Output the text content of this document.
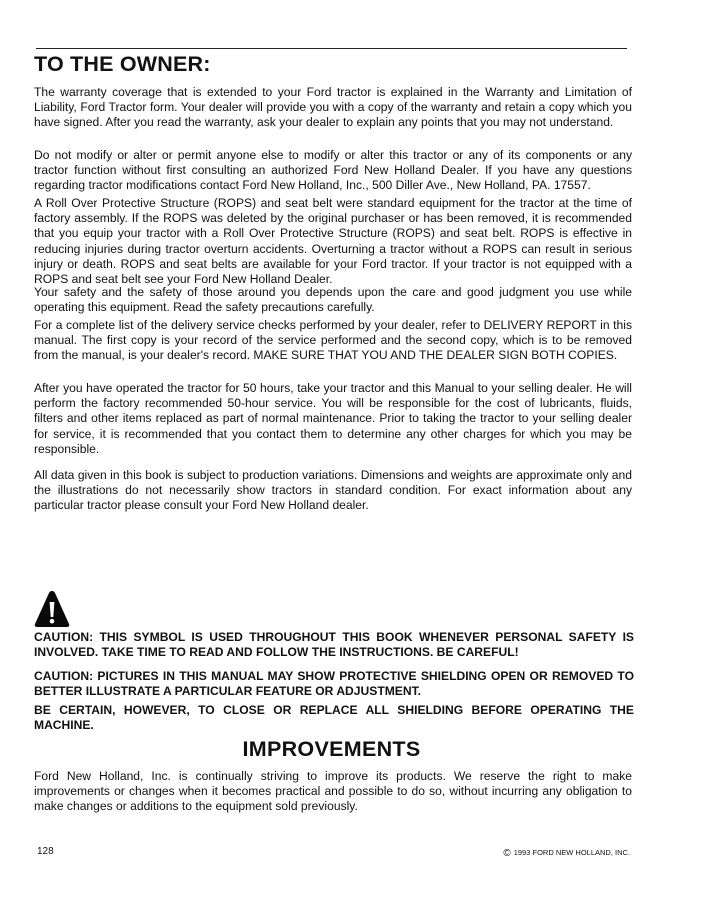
TO THE OWNER:

The warranty coverage that is extended to your Ford tractor is explained in the Warranty and Limitation of Liability, Ford Tractor form. Your dealer will provide you with a copy of the warranty and retain a copy which you have signed. After you read the warranty, ask your dealer to explain any points that you may not understand.

Do not modify or alter or permit anyone else to modify or alter this tractor or any of its components or any tractor function without first consulting an authorized Ford New Holland Dealer. If you have any questions regarding tractor modifications contact Ford New Holland, Inc., 500 Diller Ave., New Holland, PA. 17557.

A Roll Over Protective Structure (ROPS) and seat belt were standard equipment for the tractor at the time of factory assembly. If the ROPS was deleted by the original purchaser or has been removed, it is recommended that you equip your tractor with a Roll Over Protective Structure (ROPS) and seat belt. ROPS is effective in reducing injuries during tractor overturn accidents. Overturning a tractor without a ROPS can result in serious injury or death. ROPS and seat belts are available for your Ford tractor. If your tractor is not equipped with a ROPS and seat belt see your Ford New Holland Dealer.

Your safety and the safety of those around you depends upon the care and good judgment you use while operating this equipment. Read the safety precautions carefully.

For a complete list of the delivery service checks performed by your dealer, refer to DELIVERY REPORT in this manual. The first copy is your record of the service performed and the second copy, which is to be removed from the manual, is your dealer's record. MAKE SURE THAT YOU AND THE DEALER SIGN BOTH COPIES.

After you have operated the tractor for 50 hours, take your tractor and this Manual to your selling dealer. He will perform the factory recommended 50-hour service. You will be responsible for the cost of lubricants, fluids, filters and other items replaced as part of normal maintenance. Prior to taking the tractor to your selling dealer for service, it is recommended that you contact them to determine any other charges for which you may be responsible.

All data given in this book is subject to production variations. Dimensions and weights are approximate only and the illustrations do not necessarily show tractors in standard condition. For exact information about any particular tractor please consult your Ford New Holland dealer.

CAUTION: THIS SYMBOL IS USED THROUGHOUT THIS BOOK WHENEVER PERSONAL SAFETY IS INVOLVED. TAKE TIME TO READ AND FOLLOW THE INSTRUCTIONS. BE CAREFUL!

CAUTION: PICTURES IN THIS MANUAL MAY SHOW PROTECTIVE SHIELDING OPEN OR REMOVED TO BETTER ILLUSTRATE A PARTICULAR FEATURE OR ADJUSTMENT.

BE CERTAIN, HOWEVER, TO CLOSE OR REPLACE ALL SHIELDING BEFORE OPERATING THE MACHINE.

IMPROVEMENTS

Ford New Holland, Inc. is continually striving to improve its products. We reserve the right to make improvements or changes when it becomes practical and possible to do so, without incurring any obligation to make changes or additions to the equipment sold previously.

128	© 1993 FORD NEW HOLLAND, INC.
